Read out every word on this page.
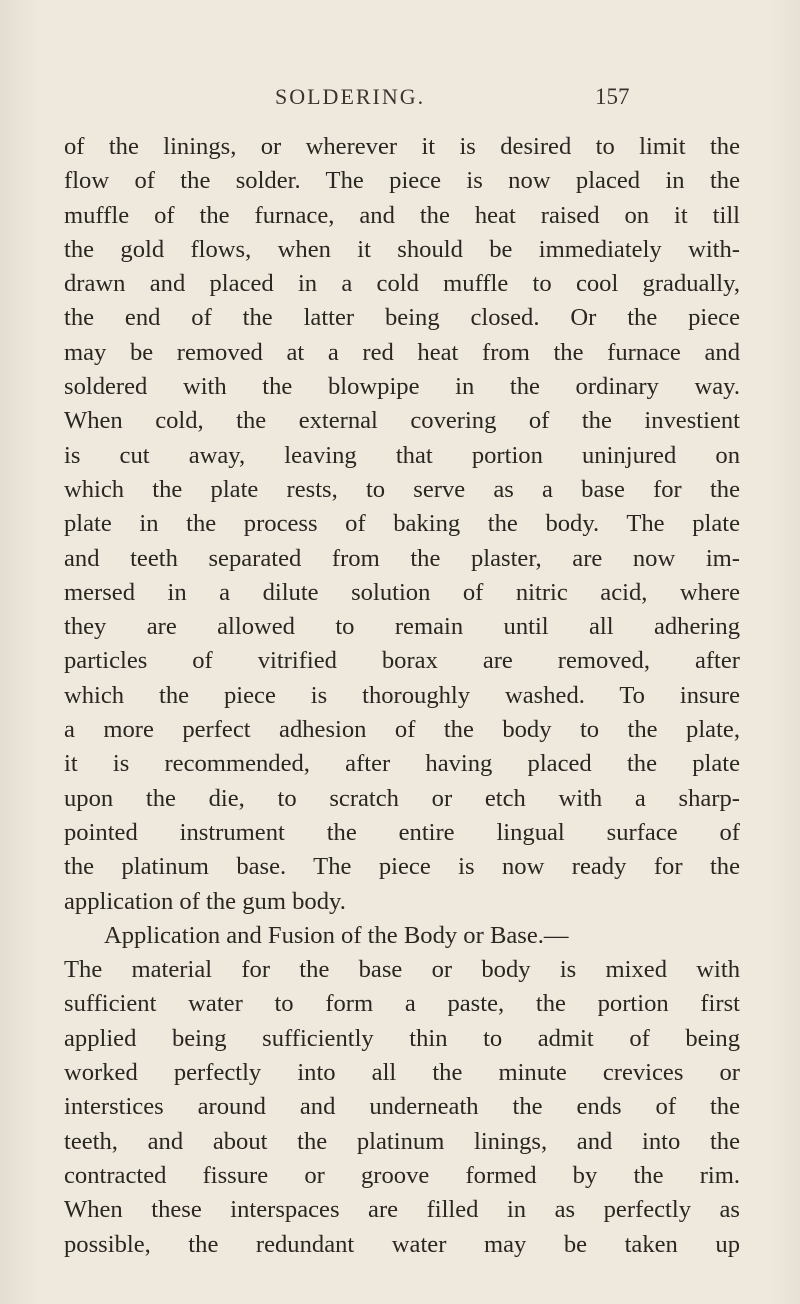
SOLDERING.	157
of the linings, or wherever it is desired to limit the
flow of the solder. The piece is now placed in the
muffle of the furnace, and the heat raised on it till
the gold flows, when it should be immediately with-
drawn and placed in a cold muffle to cool gradually,
the end of the latter being closed. Or the piece
may be removed at a red heat from the furnace and
soldered with the blowpipe in the ordinary way.
When cold, the external covering of the investient
is cut away, leaving that portion uninjured on
which the plate rests, to serve as a base for the
plate in the process of baking the body. The plate
and teeth separated from the plaster, are now im-
mersed in a dilute solution of nitric acid, where
they are allowed to remain until all adhering
particles of vitrified borax are removed, after
which the piece is thoroughly washed. To insure
a more perfect adhesion of the body to the plate,
it is recommended, after having placed the plate
upon the die, to scratch or etch with a sharp-
pointed instrument the entire lingual surface of
the platinum base. The piece is now ready for the
application of the gum body.
Application and Fusion of the Body or Base.—
The material for the base or body is mixed with
sufficient water to form a paste, the portion first
applied being sufficiently thin to admit of being
worked perfectly into all the minute crevices or
interstices around and underneath the ends of the
teeth, and about the platinum linings, and into the
contracted fissure or groove formed by the rim.
When these interspaces are filled in as perfectly as
possible, the redundant water may be taken up
